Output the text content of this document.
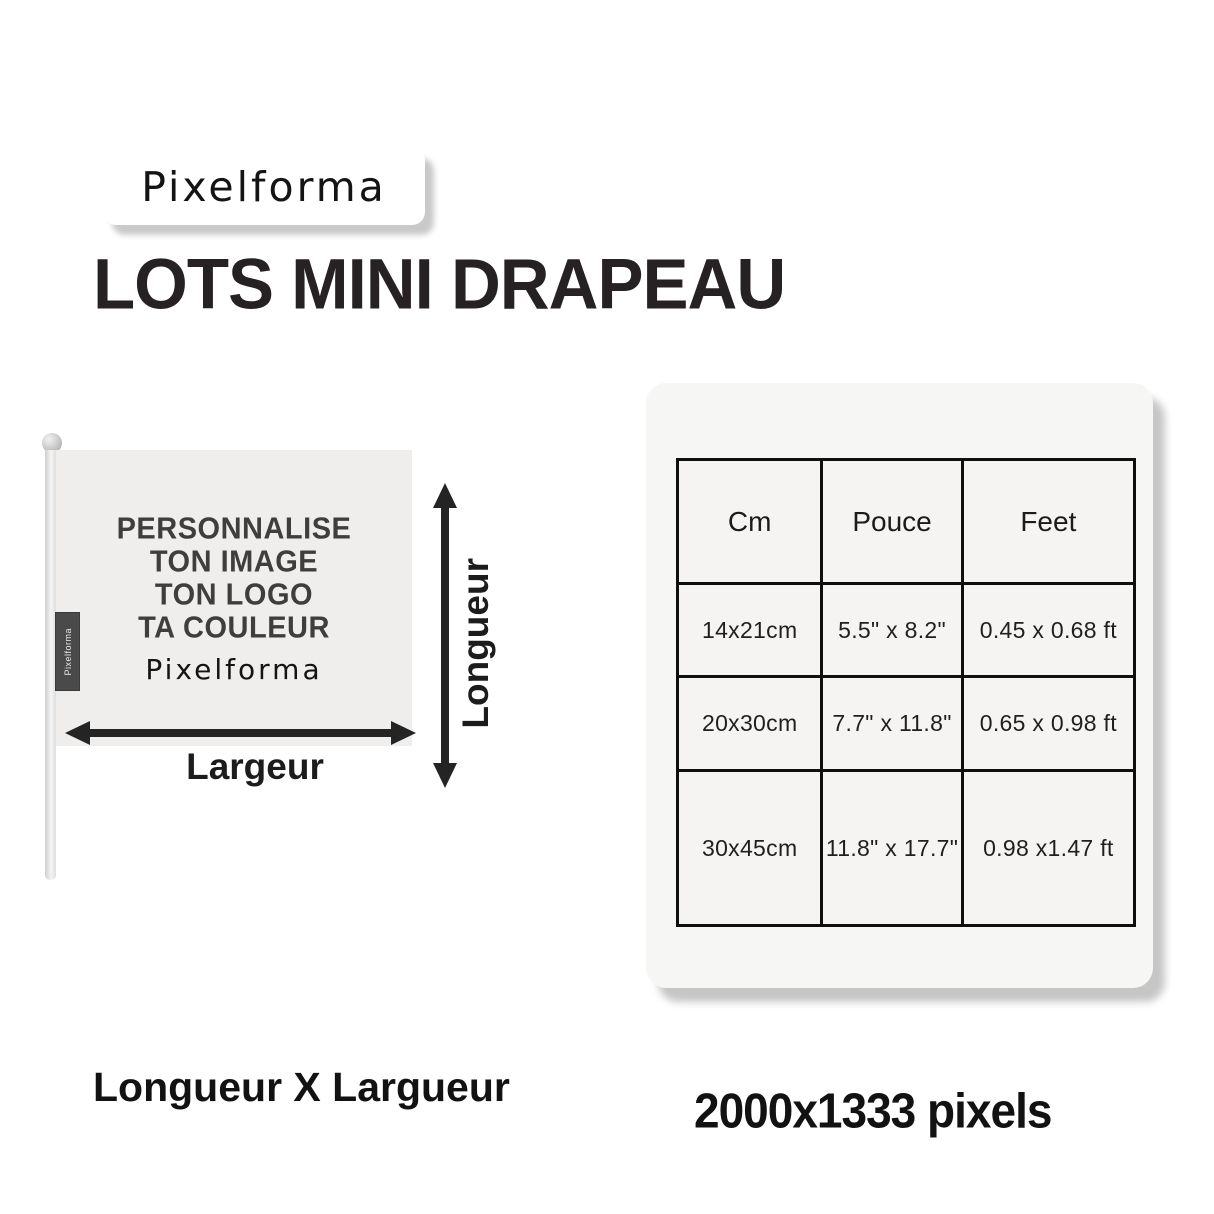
Pixelforma
LOTS MINI DRAPEAU
PERSONNALISE
TON IMAGE
TON LOGO
TA COULEUR
Pixelforma
Pixelforma
Largeur
Longueur
Cm	Pouce	Feet
14x21cm	5.5" x 8.2"	0.45 x 0.68 ft
20x30cm	7.7" x 11.8"	0.65 x 0.98 ft
30x45cm	11.8" x 17.7"	0.98 x1.47 ft
Longueur X Largueur	2000x1333 pixels
